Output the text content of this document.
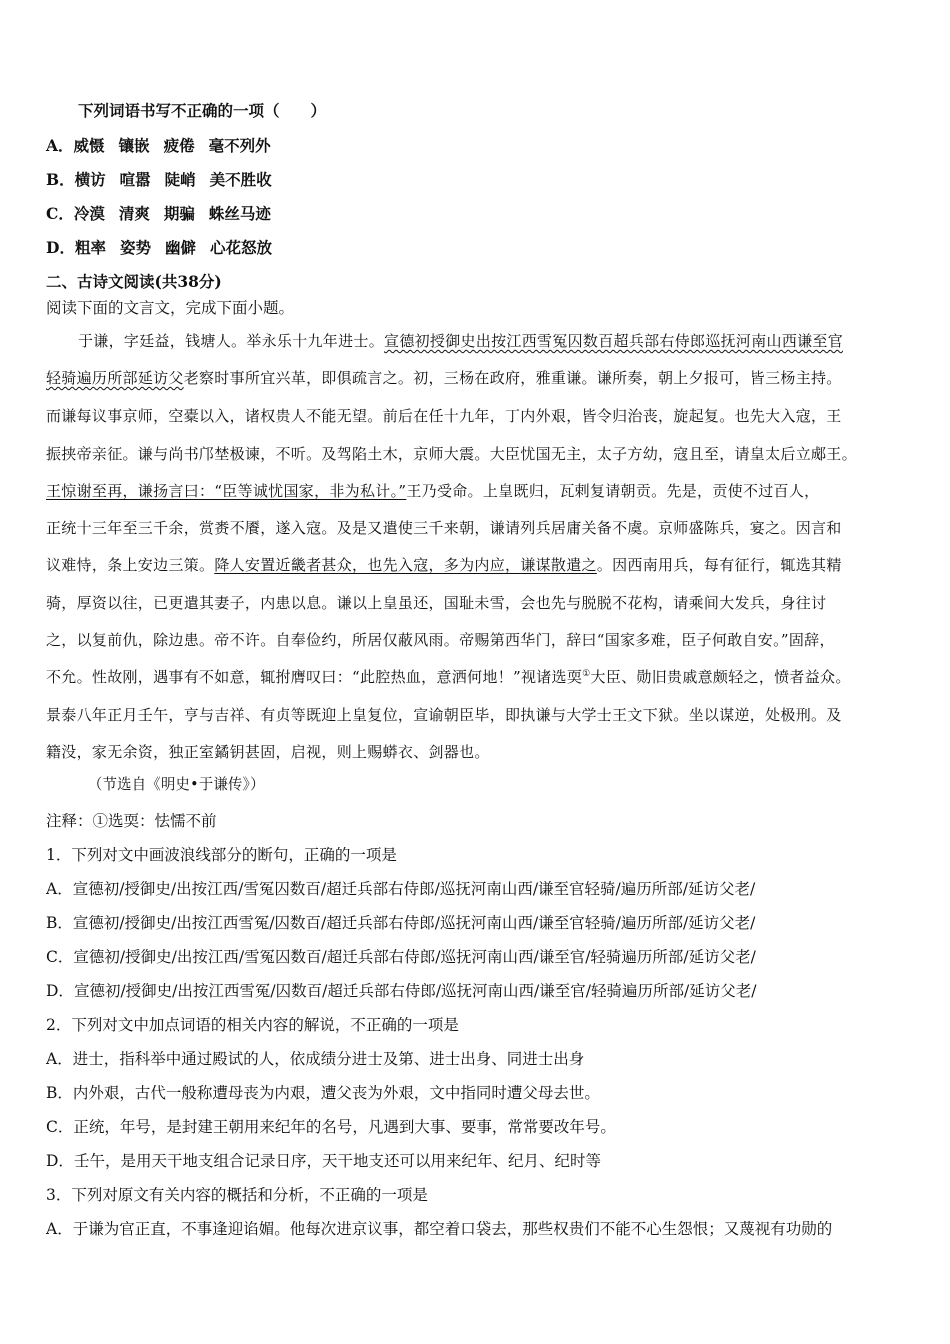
下列词语书写不正确的一项（　　）
A．威慑 镶嵌 疲倦 毫不列外
B．横访 喧嚣 陡峭 美不胜收
C．冷漠 清爽 期骗 蛛丝马迹
D．粗率 姿势 幽僻 心花怒放
二、古诗文阅读(共38分)
阅读下面的文言文，完成下面小题。
于谦，字廷益，钱塘人。举永乐十九年进士。宣德初授御史出按江西雪冤囚数百超兵部右侍郎巡抚河南山西谦至官
轻骑遍历所部延访父老察时事所宜兴革，即俱疏言之。初，三杨在政府，雅重谦。谦所奏，朝上夕报可，皆三杨主持。
而谦每议事京师，空橐以入，诸权贵人不能无望。前后在任十九年，丁内外艰，皆令归治丧，旋起复。也先大入寇，王
振挟帝亲征。谦与尚书邝埜极谏，不听。及驾陷土木，京师大震。大臣忧国无主，太子方幼，寇且至，请皇太后立郕王。
王惊谢至再，谦扬言曰：“臣等诚忧国家，非为私计。”王乃受命。上皇既归，瓦剌复请朝贡。先是，贡使不过百人，
正统十三年至三千余，赏赉不餍，遂入寇。及是又遣使三千来朝，谦请列兵居庸关备不虞。京师盛陈兵，宴之。因言和
议难恃，条上安边三策。降人安置近畿者甚众，也先入寇，多为内应，谦谋散遣之。因西南用兵，每有征行，辄选其精
骑，厚资以往，已更遣其妻子，内患以息。谦以上皇虽还，国耻未雪，会也先与脱脱不花构，请乘间大发兵，身往讨
之，以复前仇，除边患。帝不许。自奉俭约，所居仅蔽风雨。帝赐第西华门，辞曰“国家多难，臣子何敢自安。”固辞，
不允。性故刚，遇事有不如意，辄拊膺叹曰：“此腔热血，意洒何地！”视诸选耎①大臣、勋旧贵戚意颇轻之，愤者益众。
景泰八年正月壬午，亨与吉祥、有贞等既迎上皇复位，宣谕朝臣毕，即执谦与大学士王文下狱。坐以谋逆，处极刑。及
籍没，家无余资，独正室鐍钥甚固，启视，则上赐蟒衣、剑器也。
（节选自《明史•于谦传》）
注释：①选耎：怯懦不前
1．下列对文中画波浪线部分的断句，正确的一项是
A．宣德初/授御史/出按江西/雪冤囚数百/超迁兵部右侍郎/巡抚河南山西/谦至官轻骑/遍历所部/延访父老/
B．宣德初/授御史/出按江西雪冤/囚数百/超迁兵部右侍郎/巡抚河南山西/谦至官轻骑/遍历所部/延访父老/
C．宣德初/授御史/出按江西/雪冤囚数百/超迁兵部右侍郎/巡抚河南山西/谦至官/轻骑遍历所部/延访父老/
D．宣德初/授御史/出按江西雪冤/囚数百/超迁兵部右侍郎/巡抚河南山西/谦至官/轻骑遍历所部/延访父老/
2．下列对文中加点词语的相关内容的解说，不正确的一项是
A．进士，指科举中通过殿试的人，依成绩分进士及第、进士出身、同进士出身
B．内外艰，古代一般称遭母丧为内艰，遭父丧为外艰，文中指同时遭父母去世。
C．正统，年号，是封建王朝用来纪年的名号，凡遇到大事、要事，常常要改年号。
D．壬午，是用天干地支组合记录日序，天干地支还可以用来纪年、纪月、纪时等
3．下列对原文有关内容的概括和分析，不正确的一项是
A．于谦为官正直，不事逢迎谄媚。他每次进京议事，都空着口袋去，那些权贵们不能不心生怨恨；又蔑视有功勋的
